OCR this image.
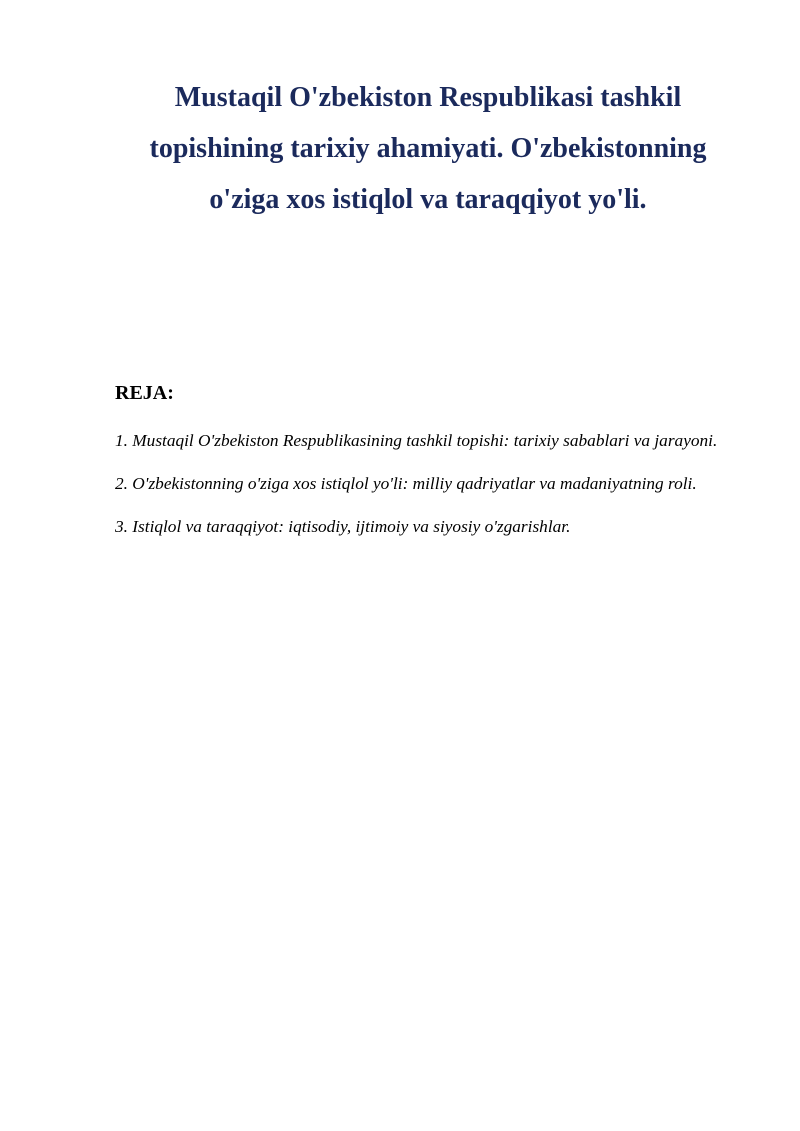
Mustaqil O'zbekiston Respublikasi tashkil
topishining tarixiy ahamiyati. O'zbekistonning
o'ziga xos istiqlol va taraqqiyot yo'li.
REJA:
1. Mustaqil O'zbekiston Respublikasining tashkil topishi: tarixiy sabablari va jarayoni.
2. O'zbekistonning o'ziga xos istiqlol yo'li: milliy qadriyatlar va madaniyatning roli.
3. Istiqlol va taraqqiyot: iqtisodiy, ijtimoiy va siyosiy o'zgarishlar.
